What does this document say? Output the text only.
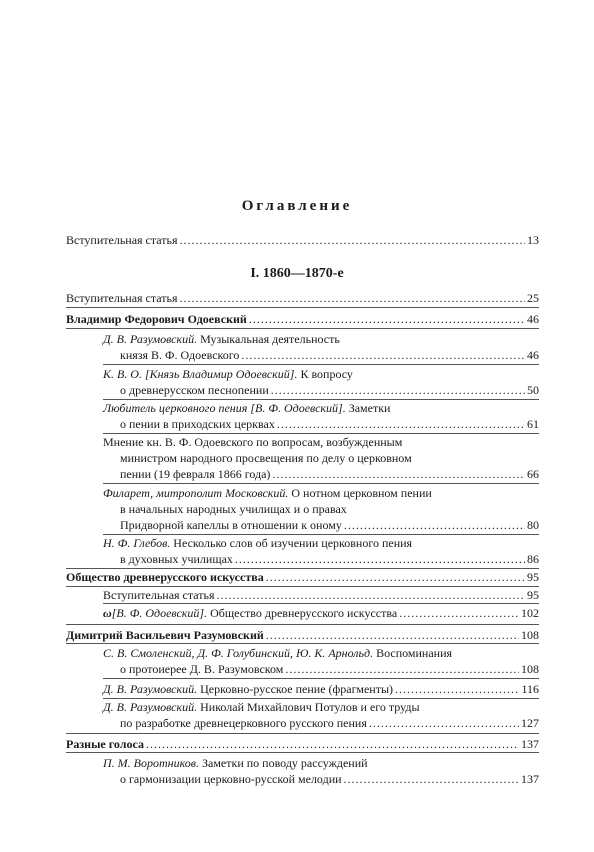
Оглавление
Вступительная статья .....	13
I. 1860—1870-е
Вступительная статья .....	25
Владимир Федорович Одоевский .....	46
Д. В. Разумовский. Музыкальная деятельность
князя В. Ф. Одоевского .....	46
К. В. О. [Князь Владимир Одоевский]. К вопросу
о древнерусском песнопении .....	50
Любитель церковного пения [В. Ф. Одоевский]. Заметки
о пении в приходских церквах .....	61
Мнение кн. В. Ф. Одоевского по вопросам, возбужденным
министром народного просвещения по делу о церковном
пении (19 февраля 1866 года) .....	66
Филарет, митрополит Московский. О нотном церковном пении
в начальных народных училищах и о правах
Придворной капеллы в отношении к оному .....	80
Н. Ф. Глебов. Несколько слов об изучении церковного пения
в духовных училищах .....	86
Общество древнерусского искусства .....	95
Вступительная статья .....	95
ω[В. Ф. Одоевский]. Общество древнерусского искусства .....	102
Димитрий Васильевич Разумовский .....	108
С. В. Смоленский, Д. Ф. Голубинский, Ю. К. Арнольд. Воспоминания
о протоиерее Д. В. Разумовском .....	108
Д. В. Разумовский. Церковно-русское пение (фрагменты) .....	116
Д. В. Разумовский. Николай Михайлович Потулов и его труды
по разработке древнецерковного русского пения .....	127
Разные голоса .....	137
П. М. Воротников. Заметки по поводу рассуждений
о гармонизации церковно-русской мелодии .....	137
